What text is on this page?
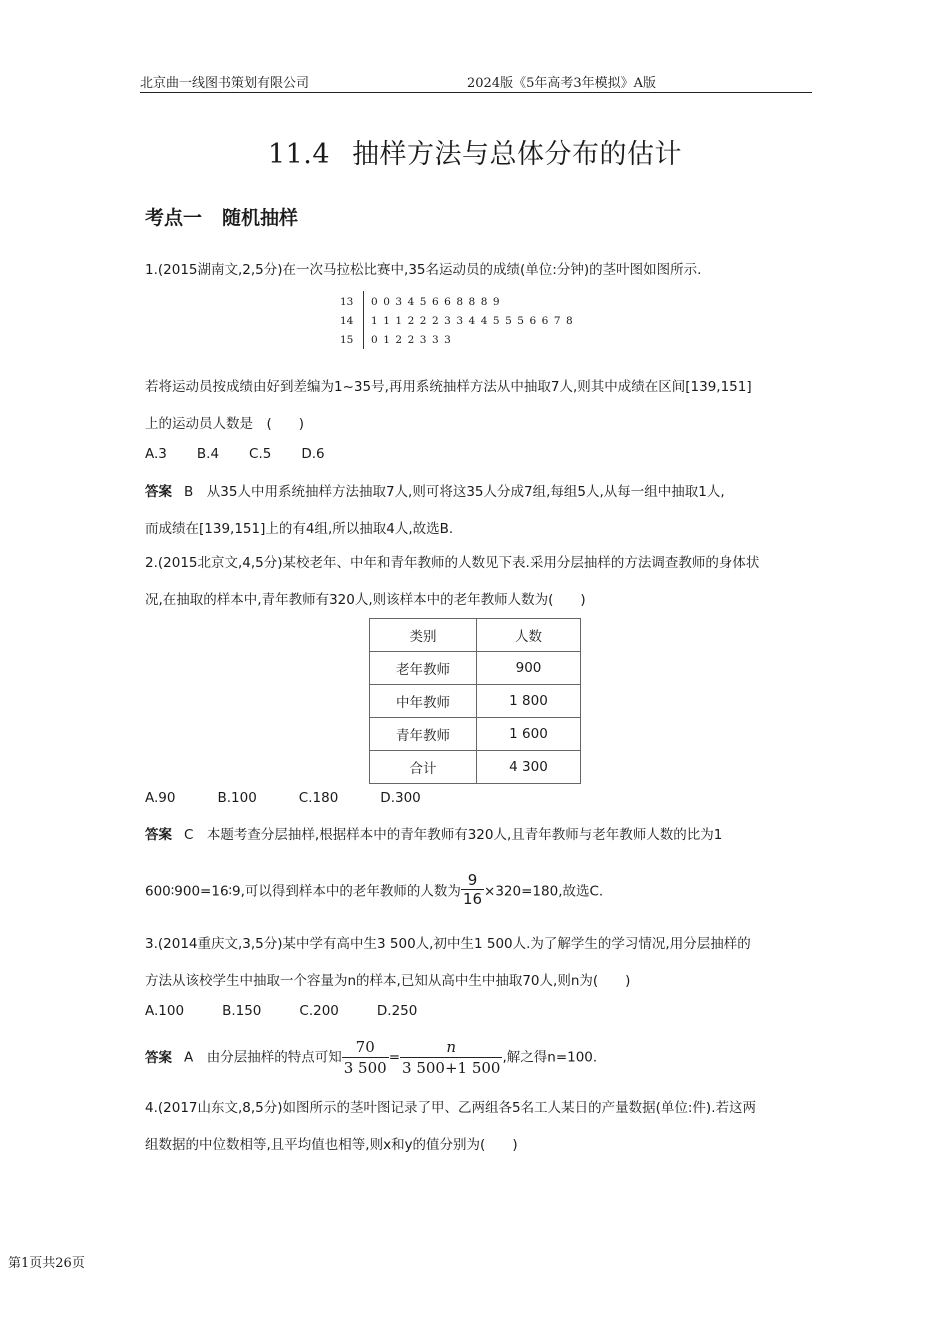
北京曲一线图书策划有限公司	2024版《5年高考3年模拟》A版
11.4 抽样方法与总体分布的估计
考点一 随机抽样
1.(2015湖南文,2,5分)在一次马拉松比赛中,35名运动员的成绩(单位:分钟)的茎叶图如图所示.
13	0 0 3 4 5 6 6 8 8 8 9
14	1 1 1 2 2 2 3 3 4 4 5 5 5 6 6 7 8
15	0 1 2 2 3 3 3
若将运动员按成绩由好到差编为1~35号,再用系统抽样方法从中抽取7人,则其中成绩在区间[139,151]
上的运动员人数是　(　　)
A.3 B.4 C.5 D.6
答案 B　从35人中用系统抽样方法抽取7人,则可将这35人分成7组,每组5人,从每一组中抽取1人,
而成绩在[139,151]上的有4组,所以抽取4人,故选B.
2.(2015北京文,4,5分)某校老年、中年和青年教师的人数见下表.采用分层抽样的方法调查教师的身体状
况,在抽取的样本中,青年教师有320人,则该样本中的老年教师人数为(　　)
类别	人数
老年教师	900
中年教师	1 800
青年教师	1 600
合计	4 300
A.90	B.100	C.180	D.300
答案 C　本题考查分层抽样,根据样本中的青年教师有320人,且青年教师与老年教师人数的比为1
600∶900=16∶9,可以得到样本中的老年教师的人数为 $\frac{9}{16} \times 320=180$,故选C.
3.(2014重庆文,3,5分)某中学有高中生3 500人,初中生1 500人.为了解学生的学习情况,用分层抽样的
方法从该校学生中抽取一个容量为n的样本,已知从高中生中抽取70人,则n为(　　)
A.100	B.150	C.200	D.250
答案 A　由分层抽样的特点可知 $\frac{70}{3 500} = \frac{n}{3 500+1 500}$ ,解之得n=100.
4.(2017山东文,8,5分)如图所示的茎叶图记录了甲、乙两组各5名工人某日的产量数据(单位:件).若这两
组数据的中位数相等,且平均值也相等,则x和y的值分别为(　　)
第1页共26页
